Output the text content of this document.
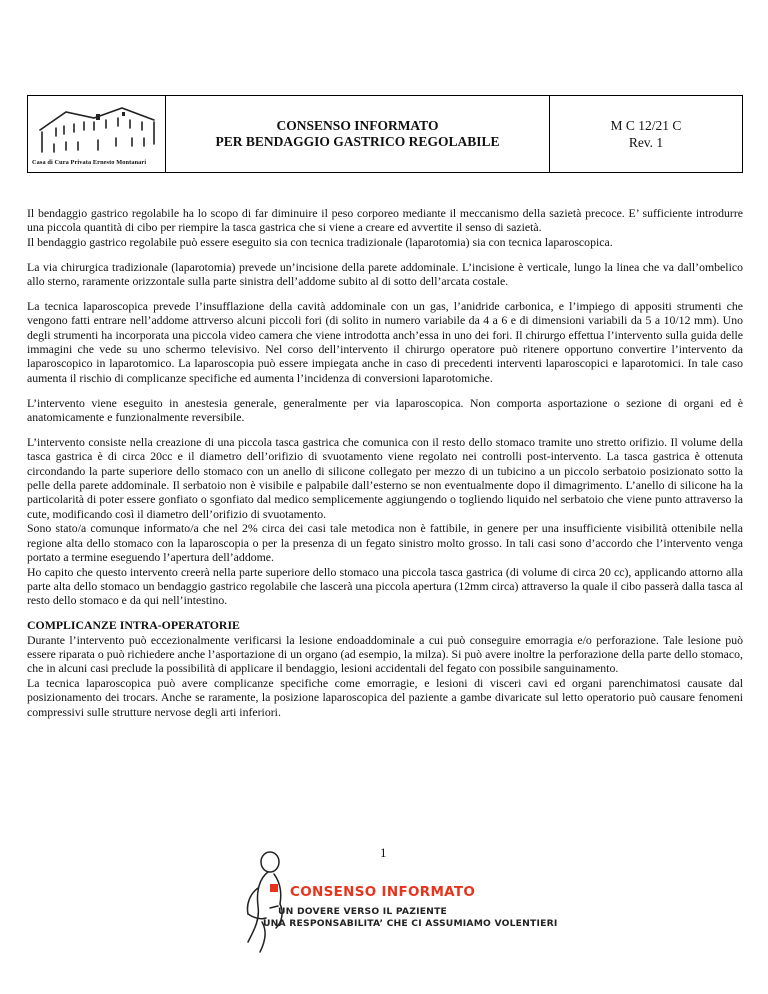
Casa di Cura Privata Ernesto Montanari
CONSENSO INFORMATO
PER BENDAGGIO GASTRICO REGOLABILE
M C 12/21 C
Rev. 1

Il bendaggio gastrico regolabile ha lo scopo di far diminuire il peso corporeo mediante il meccanismo della sazietà precoce. E’ sufficiente introdurre una piccola quantità di cibo per riempire la tasca gastrica che si viene a creare ed avvertite il senso di sazietà.

Il bendaggio gastrico regolabile può essere eseguito sia con tecnica tradizionale (laparotomia) sia con tecnica laparoscopica.

La via chirurgica tradizionale (laparotomia) prevede un’incisione della parete addominale. L’incisione è verticale, lungo la linea che va dall’ombelico allo sterno, raramente orizzontale sulla parte sinistra dell’addome subito al di sotto dell’arcata costale.

La tecnica laparoscopica prevede l’insufflazione della cavità addominale con un gas, l’anidride carbonica, e l’impiego di appositi strumenti che vengono fatti entrare nell’addome attrverso alcuni piccoli fori (di solito in numero variabile da 4 a 6 e di dimensioni variabili da 5 a 10/12 mm). Uno degli strumenti ha incorporata una piccola video camera che viene introdotta anch’essa in uno dei fori. Il chirurgo effettua l’intervento sulla guida delle immagini che vede su uno schermo televisivo. Nel corso dell’intervento il chirurgo operatore può ritenere opportuno convertire l’intervento da laparoscopico in laparotomico. La laparoscopia può essere impiegata anche in caso di precedenti interventi laparoscopici e laparotomici. In tale caso aumenta il rischio di complicanze specifiche ed aumenta l’incidenza di conversioni laparotomiche.

L’intervento viene eseguito in anestesia generale, generalmente per via laparoscopica. Non comporta asportazione o sezione di organi ed è anatomicamente e funzionalmente reversibile.

L’intervento consiste nella creazione di una piccola tasca gastrica che comunica con il resto dello stomaco tramite uno stretto orifizio. Il volume della tasca gastrica è di circa 20cc e il diametro dell’orifizio di svuotamento viene regolato nei controlli post-intervento. La tasca gastrica è ottenuta circondando la parte superiore dello stomaco con un anello di silicone collegato per mezzo di un tubicino a un piccolo serbatoio posizionato sotto la pelle della parete addominale. Il serbatoio non è visibile e palpabile dall’esterno se non eventualmente dopo il dimagrimento. L’anello di silicone ha la particolarità di poter essere gonfiato o sgonfiato dal medico semplicemente aggiungendo o togliendo liquido nel serbatoio che viene punto attraverso la cute, modificando così il diametro dell’orifizio di svuotamento.

Sono stato/a comunque informato/a che nel 2% circa dei casi tale metodica non è fattibile, in genere per una insufficiente visibilità ottenibile nella regione alta dello stomaco con la laparoscopia o per la presenza di un fegato sinistro molto grosso. In tali casi sono d’accordo che l’intervento venga portato a termine eseguendo l’apertura dell’addome.

Ho capito che questo intervento creerà nella parte superiore dello stomaco una piccola tasca gastrica (di volume di circa 20 cc), applicando attorno alla parte alta dello stomaco un bendaggio gastrico regolabile che lascerà una piccola apertura (12mm circa) attraverso la quale il cibo passerà dalla tasca al resto dello stomaco e da qui nell’intestino.

COMPLICANZE INTRA-OPERATORIE

Durante l’intervento può eccezionalmente verificarsi la lesione endoaddominale a cui può conseguire emorragia e/o perforazione. Tale lesione può essere riparata o può richiedere anche l’asportazione di un organo (ad esempio, la milza). Si può avere inoltre la perforazione della parte dello stomaco, che in alcuni casi preclude la possibilità di applicare il bendaggio, lesioni accidentali del fegato con possibile sanguinamento.

La tecnica laparoscopica può avere complicanze specifiche come emorragie, e lesioni di visceri cavi ed organi parenchimatosi causate dal posizionamento dei trocars. Anche se raramente, la posizione laparoscopica del paziente a gambe divaricate sul letto operatorio può causare fenomeni compressivi sulle strutture nervose degli arti inferiori.

1
CONSENSO INFORMATO
UN DOVERE VERSO IL PAZIENTE
UNA RESPONSABILITA’ CHE CI ASSUMIAMO VOLENTIERI
